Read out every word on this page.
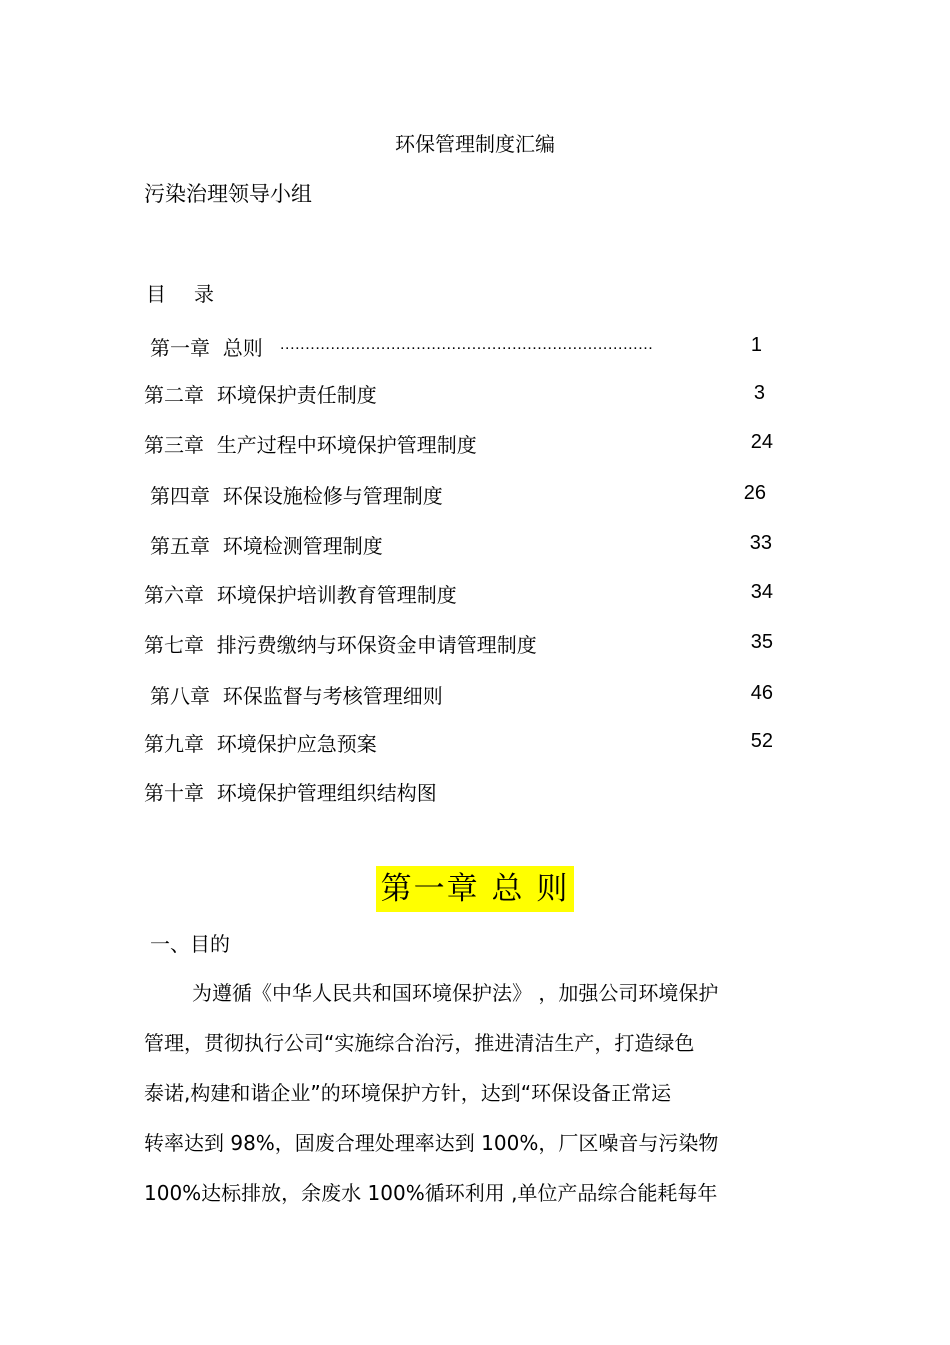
环保管理制度汇编
污染治理领导小组
目录
第一章 总则 ..........................................................................	1
第二章 环境保护责任制度	3
第三章 生产过程中环境保护管理制度	24
第四章 环保设施检修与管理制度	26
第五章 环境检测管理制度	33
第六章 环境保护培训教育管理制度	34
第七章 排污费缴纳与环保资金申请管理制度	35
第八章 环保监督与考核管理细则	46
第九章 环境保护应急预案	52
第十章 环境保护管理组织结构图
第一章 总 则
一、目的
为遵循《中华人民共和国环境保护法》 ，加强公司环境保护
管理，贯彻执行公司“实施综合治污，推进清洁生产，打造绿色
泰诺,构建和谐企业”的环境保护方针，达到“环保设备正常运
转率达到 98%，固废合理处理率达到 100%，厂区噪音与污染物
100%达标排放，余废水 100%循环利用 ,单位产品综合能耗每年
